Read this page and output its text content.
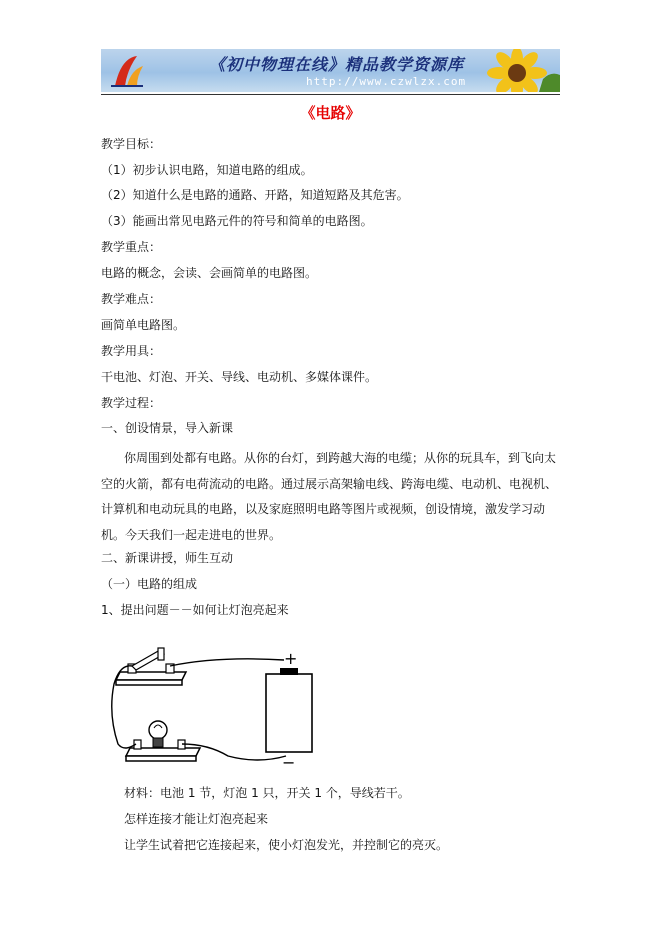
《初中物理在线》精品教学资源库
http://www.czwlzx.com
《电路》
教学目标：
（1）初步认识电路，知道电路的组成。
（2）知道什么是电路的通路、开路，知道短路及其危害。
（3）能画出常见电路元件的符号和简单的电路图。
教学重点：
电路的概念，会读、会画简单的电路图。
教学难点：
画简单电路图。
教学用具：
干电池、灯泡、开关、导线、电动机、多媒体课件。
教学过程：
一、创设情景，导入新课
你周围到处都有电路。从你的台灯，到跨越大海的电缆；从你的玩具车，到飞向太空的火箭，都有电荷流动的电路。通过展示高架输电线、跨海电缆、电动机、电视机、计算机和电动玩具的电路，以及家庭照明电路等图片或视频，创设情境，激发学习动机。今天我们一起走进电的世界。
二、新课讲授，师生互动
（一）电路的组成
1、提出问题－－如何让灯泡亮起来
+
−
材料：电池 1 节，灯泡 1 只，开关 1 个，导线若干。
怎样连接才能让灯泡亮起来
让学生试着把它连接起来，使小灯泡发光，并控制它的亮灭。
